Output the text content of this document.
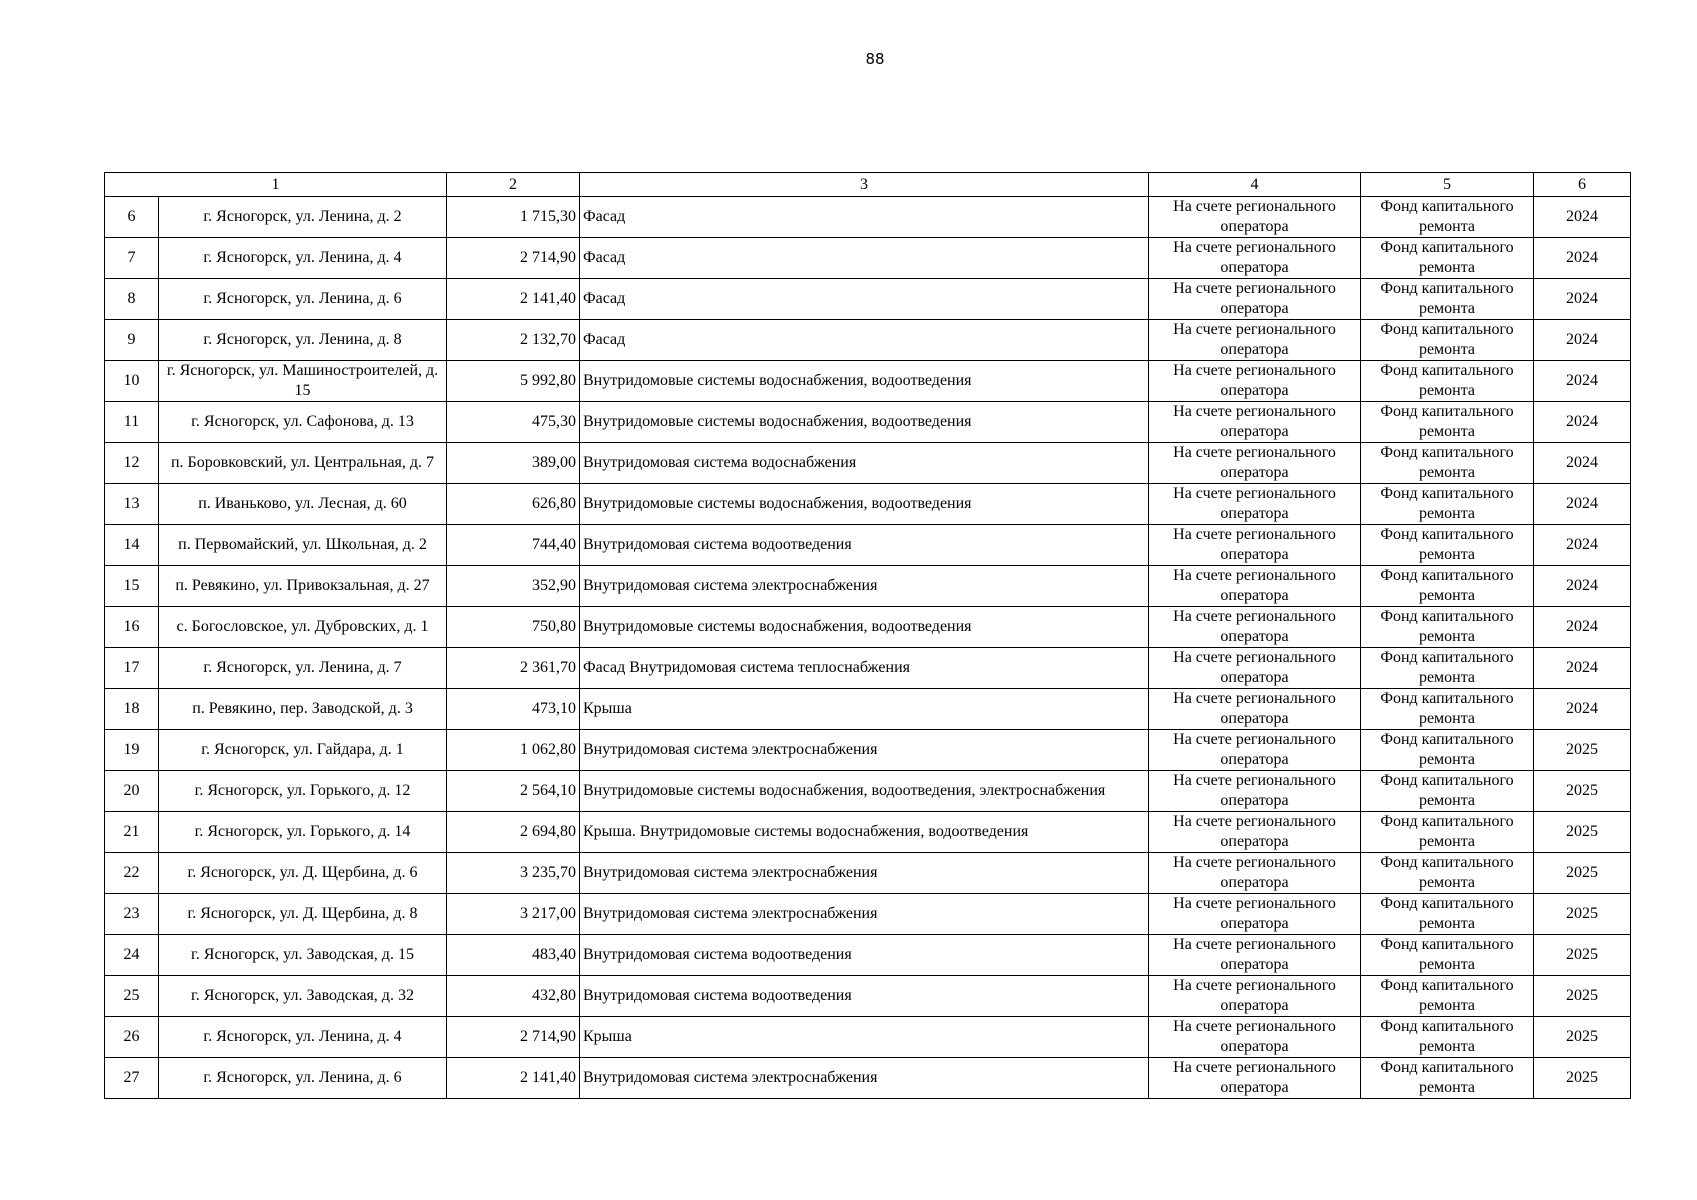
88
1		2	3	4	5	6
6	г. Ясногорск, ул. Ленина, д. 2	1 715,30	Фасад	На счете регионального оператора	Фонд капитального ремонта	2024
7	г. Ясногорск, ул. Ленина, д. 4	2 714,90	Фасад	На счете регионального оператора	Фонд капитального ремонта	2024
8	г. Ясногорск, ул. Ленина, д. 6	2 141,40	Фасад	На счете регионального оператора	Фонд капитального ремонта	2024
9	г. Ясногорск, ул. Ленина, д. 8	2 132,70	Фасад	На счете регионального оператора	Фонд капитального ремонта	2024
10	г. Ясногорск, ул. Машиностроителей, д. 15	5 992,80	Внутридомовые системы водоснабжения, водоотведения	На счете регионального оператора	Фонд капитального ремонта	2024
11	г. Ясногорск, ул. Сафонова, д. 13	475,30	Внутридомовые системы водоснабжения, водоотведения	На счете регионального оператора	Фонд капитального ремонта	2024
12	п. Боровковский, ул. Центральная, д. 7	389,00	Внутридомовая система водоснабжения	На счете регионального оператора	Фонд капитального ремонта	2024
13	п. Иваньково, ул. Лесная, д. 60	626,80	Внутридомовые системы водоснабжения, водоотведения	На счете регионального оператора	Фонд капитального ремонта	2024
14	п. Первомайский, ул. Школьная, д. 2	744,40	Внутридомовая система водоотведения	На счете регионального оператора	Фонд капитального ремонта	2024
15	п. Ревякино, ул. Привокзальная, д. 27	352,90	Внутридомовая система электроснабжения	На счете регионального оператора	Фонд капитального ремонта	2024
16	с. Богословское, ул. Дубровских, д. 1	750,80	Внутридомовые системы водоснабжения, водоотведения	На счете регионального оператора	Фонд капитального ремонта	2024
17	г. Ясногорск, ул. Ленина, д. 7	2 361,70	Фасад Внутридомовая система теплоснабжения	На счете регионального оператора	Фонд капитального ремонта	2024
18	п. Ревякино, пер. Заводской, д. 3	473,10	Крыша	На счете регионального оператора	Фонд капитального ремонта	2024
19	г. Ясногорск, ул. Гайдара, д. 1	1 062,80	Внутридомовая система электроснабжения	На счете регионального оператора	Фонд капитального ремонта	2025
20	г. Ясногорск, ул. Горького, д. 12	2 564,10	Внутридомовые системы водоснабжения, водоотведения, электроснабжения	На счете регионального оператора	Фонд капитального ремонта	2025
21	г. Ясногорск, ул. Горького, д. 14	2 694,80	Крыша. Внутридомовые системы водоснабжения, водоотведения	На счете регионального оператора	Фонд капитального ремонта	2025
22	г. Ясногорск, ул. Д. Щербина, д. 6	3 235,70	Внутридомовая система электроснабжения	На счете регионального оператора	Фонд капитального ремонта	2025
23	г. Ясногорск, ул. Д. Щербина, д. 8	3 217,00	Внутридомовая система электроснабжения	На счете регионального оператора	Фонд капитального ремонта	2025
24	г. Ясногорск, ул. Заводская, д. 15	483,40	Внутридомовая система водоотведения	На счете регионального оператора	Фонд капитального ремонта	2025
25	г. Ясногорск, ул. Заводская, д. 32	432,80	Внутридомовая система водоотведения	На счете регионального оператора	Фонд капитального ремонта	2025
26	г. Ясногорск, ул. Ленина, д. 4	2 714,90	Крыша	На счете регионального оператора	Фонд капитального ремонта	2025
27	г. Ясногорск, ул. Ленина, д. 6	2 141,40	Внутридомовая система электроснабжения	На счете регионального оператора	Фонд капитального ремонта	2025
